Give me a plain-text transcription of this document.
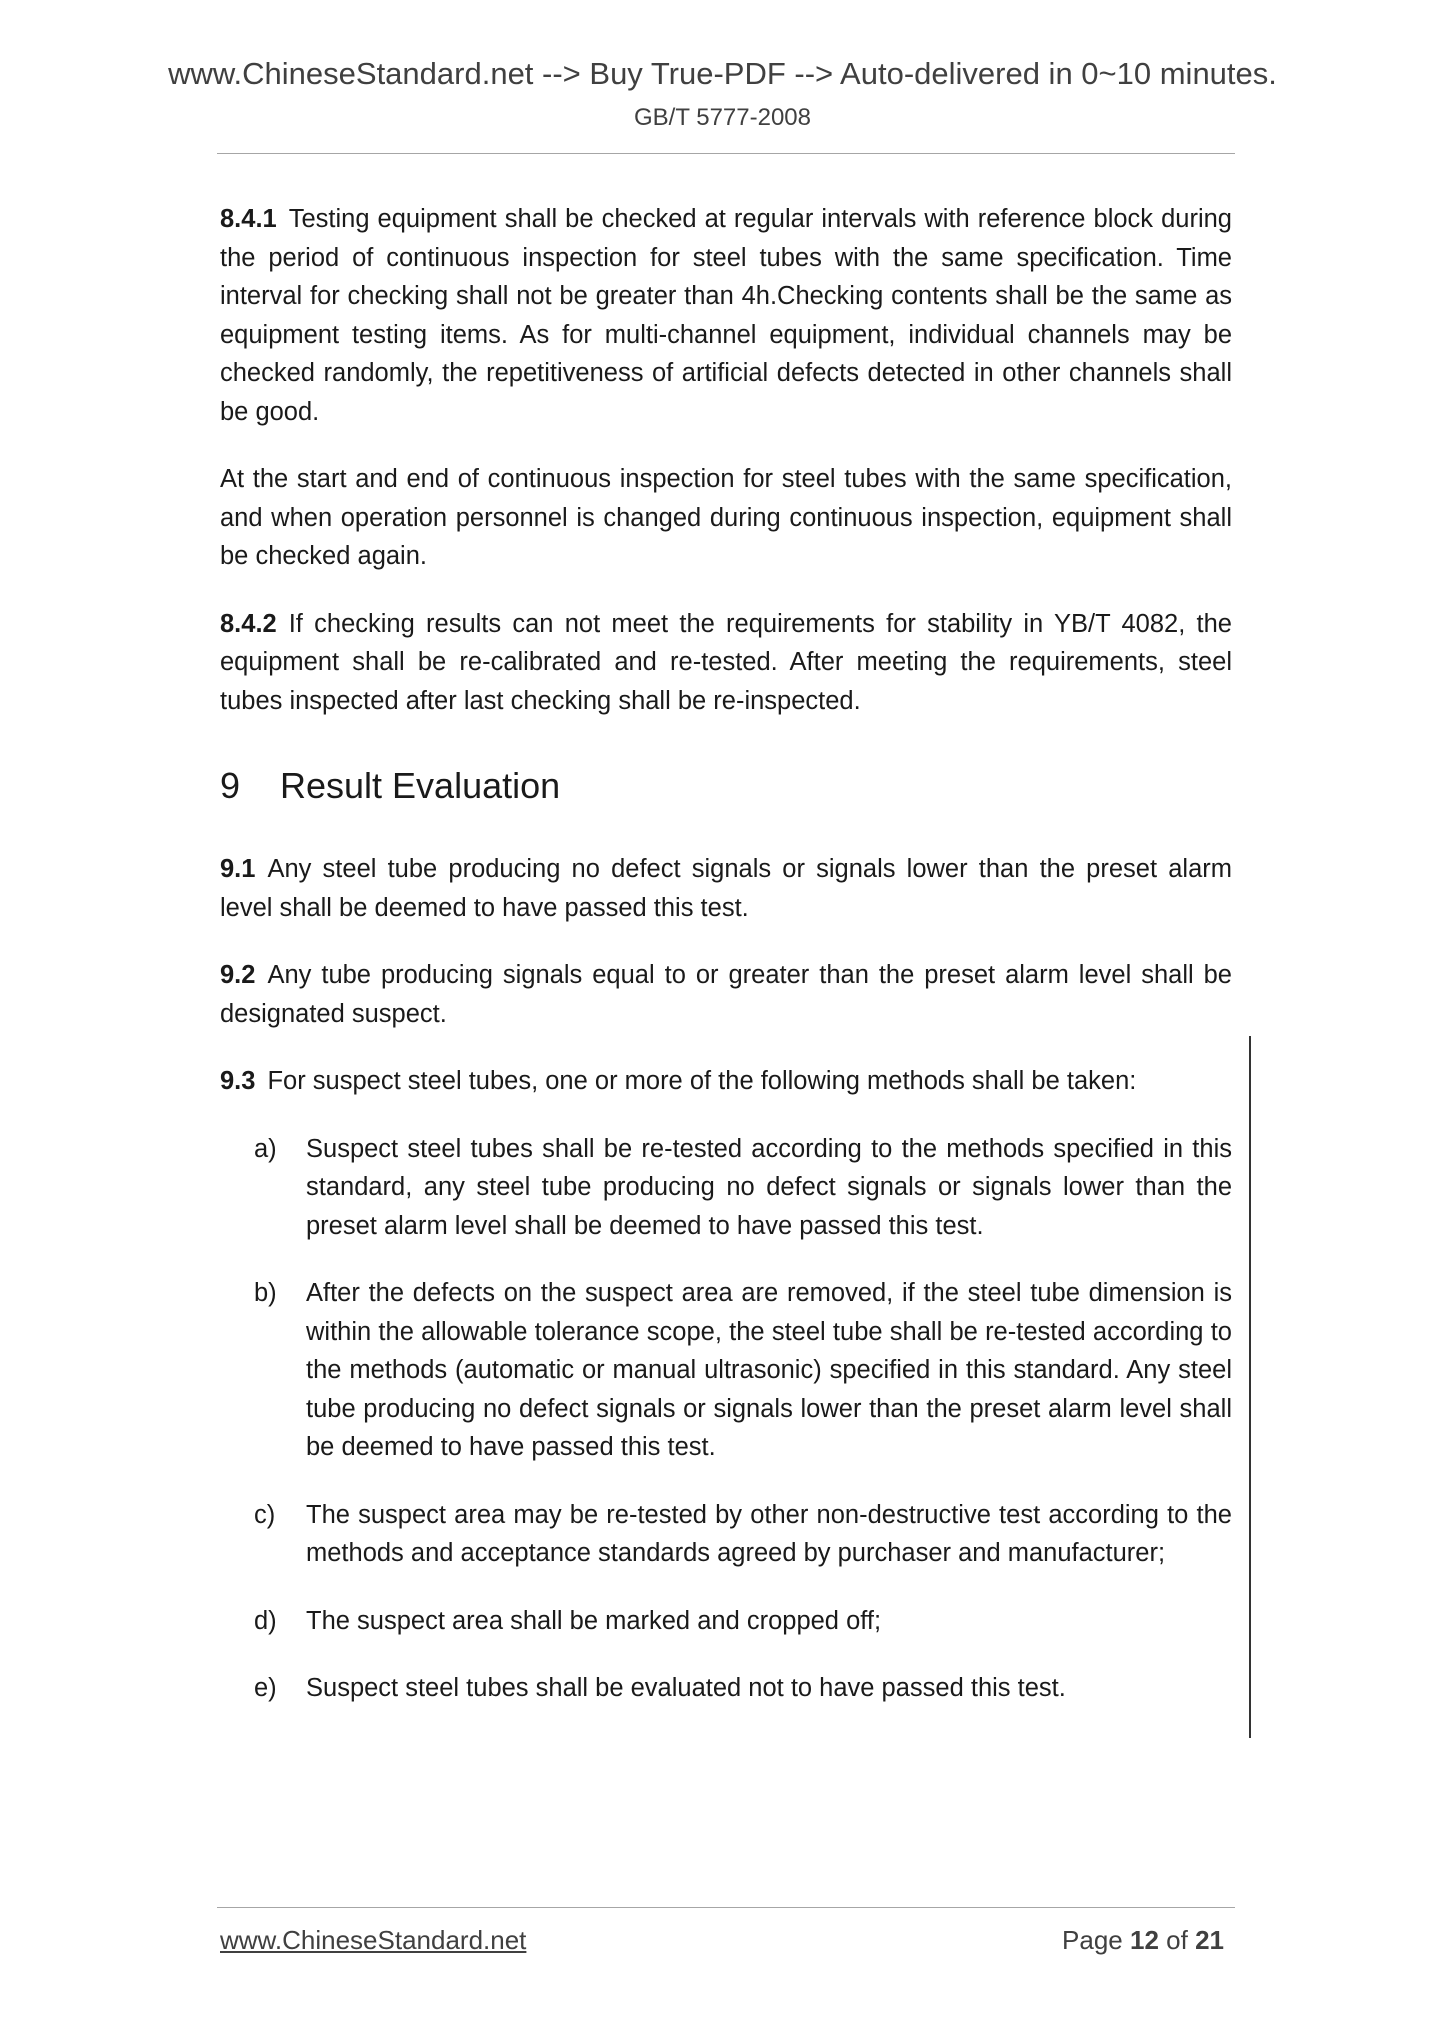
www.ChineseStandard.net --> Buy True-PDF --> Auto-delivered in 0~10 minutes.
GB/T 5777-2008

8.4.1 Testing equipment shall be checked at regular intervals with reference block during the period of continuous inspection for steel tubes with the same specification. Time interval for checking shall not be greater than 4h.Checking contents shall be the same as equipment testing items. As for multi-channel equipment, individual channels may be checked randomly, the repetitiveness of artificial defects detected in other channels shall be good.

At the start and end of continuous inspection for steel tubes with the same specification, and when operation personnel is changed during continuous inspection, equipment shall be checked again.

8.4.2 If checking results can not meet the requirements for stability in YB/T 4082, the equipment shall be re-calibrated and re-tested. After meeting the requirements, steel tubes inspected after last checking shall be re-inspected.

9 Result Evaluation

9.1 Any steel tube producing no defect signals or signals lower than the preset alarm level shall be deemed to have passed this test.

9.2 Any tube producing signals equal to or greater than the preset alarm level shall be designated suspect.

9.3 For suspect steel tubes, one or more of the following methods shall be taken:

a) Suspect steel tubes shall be re-tested according to the methods specified in this standard, any steel tube producing no defect signals or signals lower than the preset alarm level shall be deemed to have passed this test.
b) After the defects on the suspect area are removed, if the steel tube dimension is within the allowable tolerance scope, the steel tube shall be re-tested according to the methods (automatic or manual ultrasonic) specified in this standard. Any steel tube producing no defect signals or signals lower than the preset alarm level shall be deemed to have passed this test.
c) The suspect area may be re-tested by other non-destructive test according to the methods and acceptance standards agreed by purchaser and manufacturer;
d) The suspect area shall be marked and cropped off;
e) Suspect steel tubes shall be evaluated not to have passed this test.
www.ChineseStandard.net	Page 12 of 21
